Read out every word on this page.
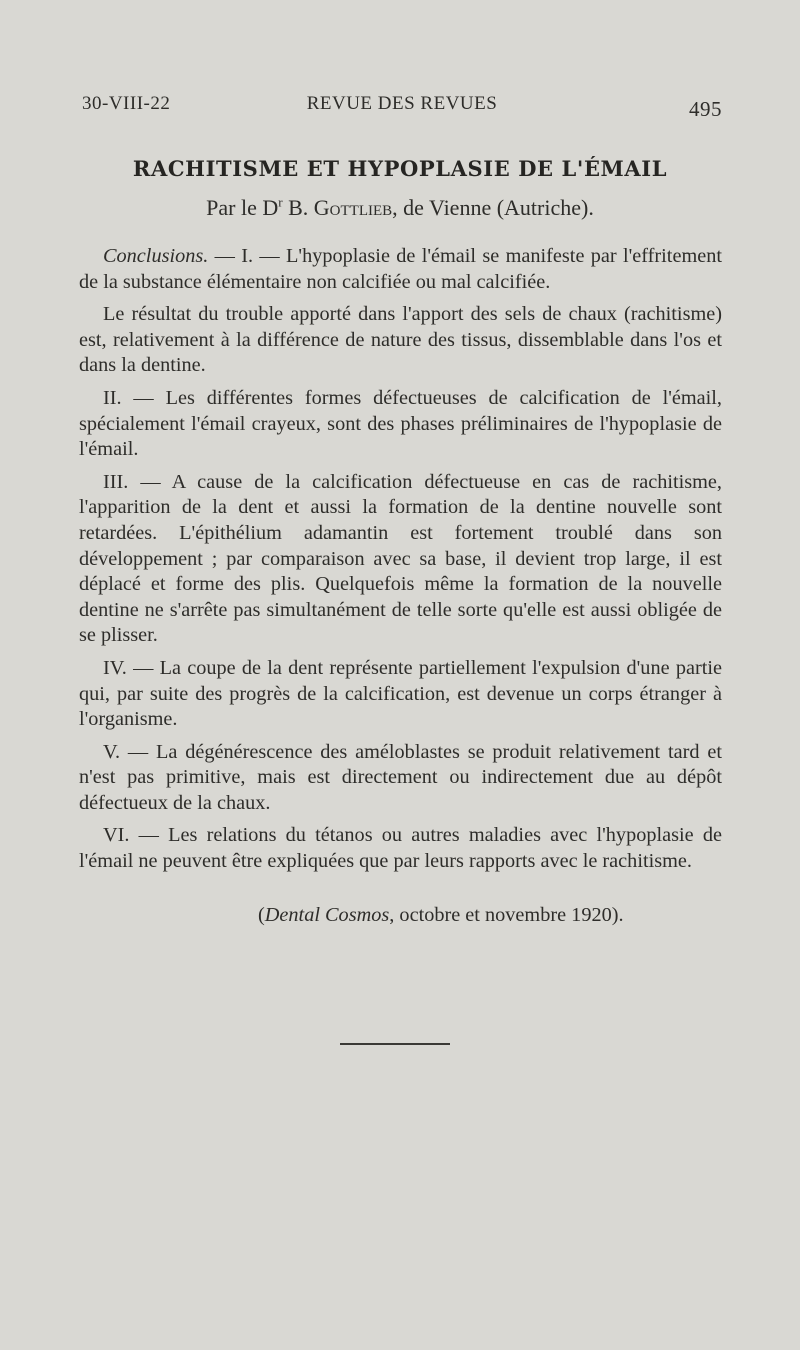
30-VIII-22	REVUE DES REVUES	495
RACHITISME ET HYPOPLASIE DE L'ÉMAIL
Par le $D^r$ B. Gottlieb, de Vienne (Autriche).

Conclusions. — I. — L'hypoplasie de l'émail se manifeste par l'effritement de la substance élémentaire non calcifiée ou mal calcifiée.

Le résultat du trouble apporté dans l'apport des sels de chaux (rachitisme) est, relativement à la différence de nature des tissus, dissemblable dans l'os et dans la dentine.

II. — Les différentes formes défectueuses de calcification de l'émail, spécialement l'émail crayeux, sont des phases préliminaires de l'hypoplasie de l'émail.

III. — A cause de la calcification défectueuse en cas de rachitisme, l'apparition de la dent et aussi la formation de la dentine nouvelle sont retardées. L'épithélium adamantin est fortement troublé dans son développement ; par comparaison avec sa base, il devient trop large, il est déplacé et forme des plis. Quelquefois même la formation de la nouvelle dentine ne s'arrête pas simultanément de telle sorte qu'elle est aussi obligée de se plisser.

IV. — La coupe de la dent représente partiellement l'expulsion d'une partie qui, par suite des progrès de la calcification, est devenue un corps étranger à l'organisme.

V. — La dégénérescence des améloblastes se produit relativement tard et n'est pas primitive, mais est directement ou indirectement due au dépôt défectueux de la chaux.

VI. — Les relations du tétanos ou autres maladies avec l'hypoplasie de l'émail ne peuvent être expliquées que par leurs rapports avec le rachitisme.

(Dental Cosmos, octobre et novembre 1920).
